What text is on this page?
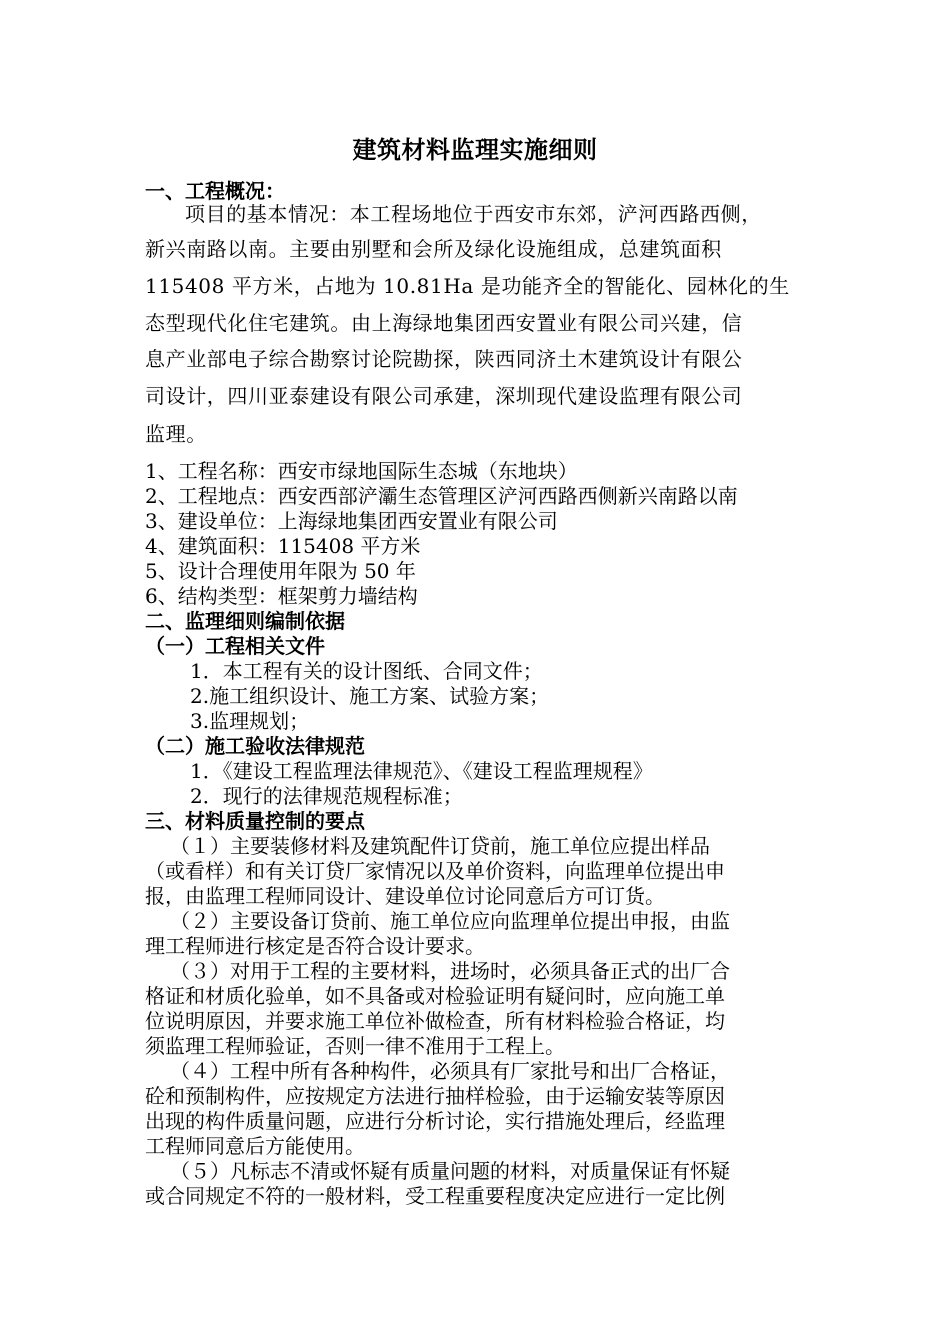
建筑材料监理实施细则
一、工程概况：
项目的基本情况：本工程场地位于西安市东郊，浐河西路西侧，
新兴南路以南。主要由别墅和会所及绿化设施组成，总建筑面积
115408 平方米，占地为 10.81Ha 是功能齐全的智能化、园林化的生
态型现代化住宅建筑。由上海绿地集团西安置业有限公司兴建，信
息产业部电子综合勘察讨论院勘探，陕西同济土木建筑设计有限公
司设计，四川亚泰建设有限公司承建，深圳现代建设监理有限公司
监理。
1、工程名称：西安市绿地国际生态城（东地块）
2、工程地点：西安西部浐灞生态管理区浐河西路西侧新兴南路以南
3、建设单位：上海绿地集团西安置业有限公司
4、建筑面积：115408 平方米
5、设计合理使用年限为 50 年
6、结构类型：框架剪力墙结构
二、监理细则编制依据
（一）工程相关文件
1．本工程有关的设计图纸、合同文件；
2.施工组织设计、施工方案、试验方案；
3.监理规划；
（二）施工验收法律规范
1．《建设工程监理法律规范》、《建设工程监理规程》
2．现行的法律规范规程标准；
三、材料质量控制的要点
（１）主要装修材料及建筑配件订贷前，施工单位应提出样品
（或看样）和有关订贷厂家情况以及单价资料，向监理单位提出申
报，由监理工程师同设计、建设单位讨论同意后方可订货。
（２）主要设备订贷前、施工单位应向监理单位提出申报，由监
理工程师进行核定是否符合设计要求。
（３）对用于工程的主要材料，进场时，必须具备正式的出厂合
格证和材质化验单，如不具备或对检验证明有疑问时，应向施工单
位说明原因，并要求施工单位补做检查，所有材料检验合格证，均
须监理工程师验证，否则一律不准用于工程上。
（４）工程中所有各种构件，必须具有厂家批号和出厂合格证，
砼和预制构件，应按规定方法进行抽样检验，由于运输安装等原因
出现的构件质量问题，应进行分析讨论，实行措施处理后，经监理
工程师同意后方能使用。
（５）凡标志不清或怀疑有质量问题的材料，对质量保证有怀疑
或合同规定不符的一般材料，受工程重要程度决定应进行一定比例
